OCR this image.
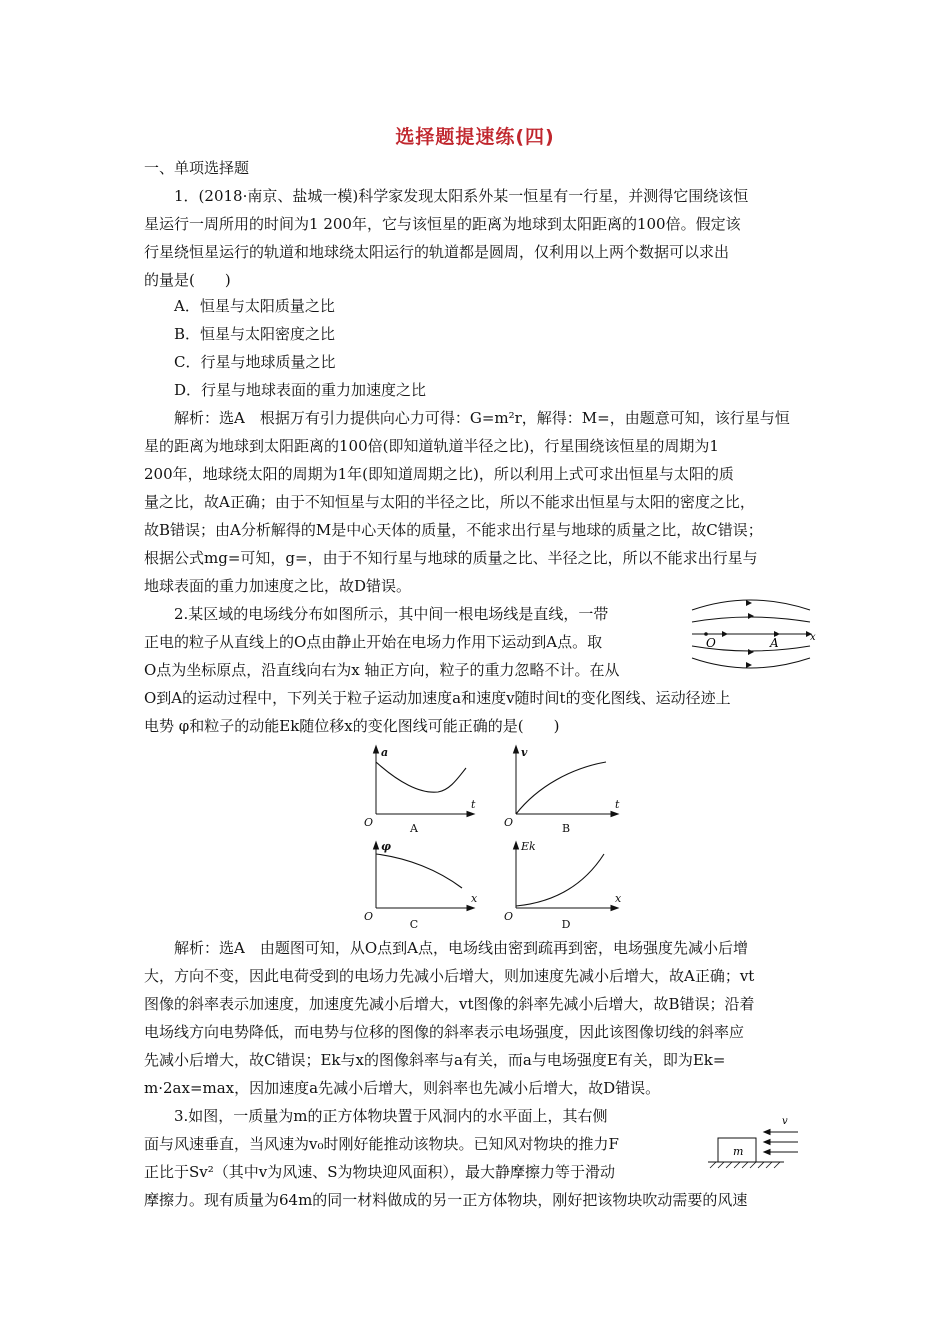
选择题提速练(四)
一、单项选择题
1．(2018·南京、盐城一模)科学家发现太阳系外某一恒星有一行星，并测得它围绕该恒
星运行一周所用的时间为1 200年，它与该恒星的距离为地球到太阳距离的100倍。假定该
行星绕恒星运行的轨道和地球绕太阳运行的轨道都是圆周，仅利用以上两个数据可以求出
的量是(　　)
A．恒星与太阳质量之比
B．恒星与太阳密度之比
C．行星与地球质量之比
D．行星与地球表面的重力加速度之比
解析：选A　根据万有引力提供向心力可得：G=m²r，解得：M=，由题意可知，该行星与恒
星的距离为地球到太阳距离的100倍(即知道轨道半径之比)，行星围绕该恒星的周期为1
200年，地球绕太阳的周期为1年(即知道周期之比)，所以利用上式可求出恒星与太阳的质
量之比，故A正确；由于不知恒星与太阳的半径之比，所以不能求出恒星与太阳的密度之比，
故B错误；由A分析解得的M是中心天体的质量，不能求出行星与地球的质量之比，故C错误；
根据公式mg=可知，g=，由于不知行星与地球的质量之比、半径之比，所以不能求出行星与
地球表面的重力加速度之比，故D错误。
2.某区域的电场线分布如图所示，其中间一根电场线是直线，一带
正电的粒子从直线上的O点由静止开始在电场力作用下运动到A点。取
O点为坐标原点，沿直线向右为x 轴正方向，粒子的重力忽略不计。在从
O到A的运动过程中，下列关于粒子运动加速度a和速度v随时间t的变化图线、运动径迹上
电势 φ和粒子的动能Ek随位移x的变化图线可能正确的是(　　)
O	A	x
a
t
O
v
t
O
φ
x
O
Ek
x
O
A	B
C	D
解析：选A　由题图可知，从O点到A点，电场线由密到疏再到密，电场强度先减小后增
大，方向不变，因此电荷受到的电场力先减小后增大，则加速度先减小后增大，故A正确；vt
图像的斜率表示加速度，加速度先减小后增大，vt图像的斜率先减小后增大，故B错误；沿着
电场线方向电势降低，而电势与位移的图像的斜率表示电场强度，因此该图像切线的斜率应
先减小后增大，故C错误；Ek与x的图像斜率与a有关，而a与电场强度E有关，即为Ek=
m·2ax=max，因加速度a先减小后增大，则斜率也先减小后增大，故D错误。
3.如图，一质量为m的正方体物块置于风洞内的水平面上，其右侧
面与风速垂直，当风速为v₀时刚好能推动该物块。已知风对物块的推力F
正比于Sv²（其中v为风速、S为物块迎风面积），最大静摩擦力等于滑动
摩擦力。现有质量为64m的同一材料做成的另一正方体物块，刚好把该物块吹动需要的风速
m
v
